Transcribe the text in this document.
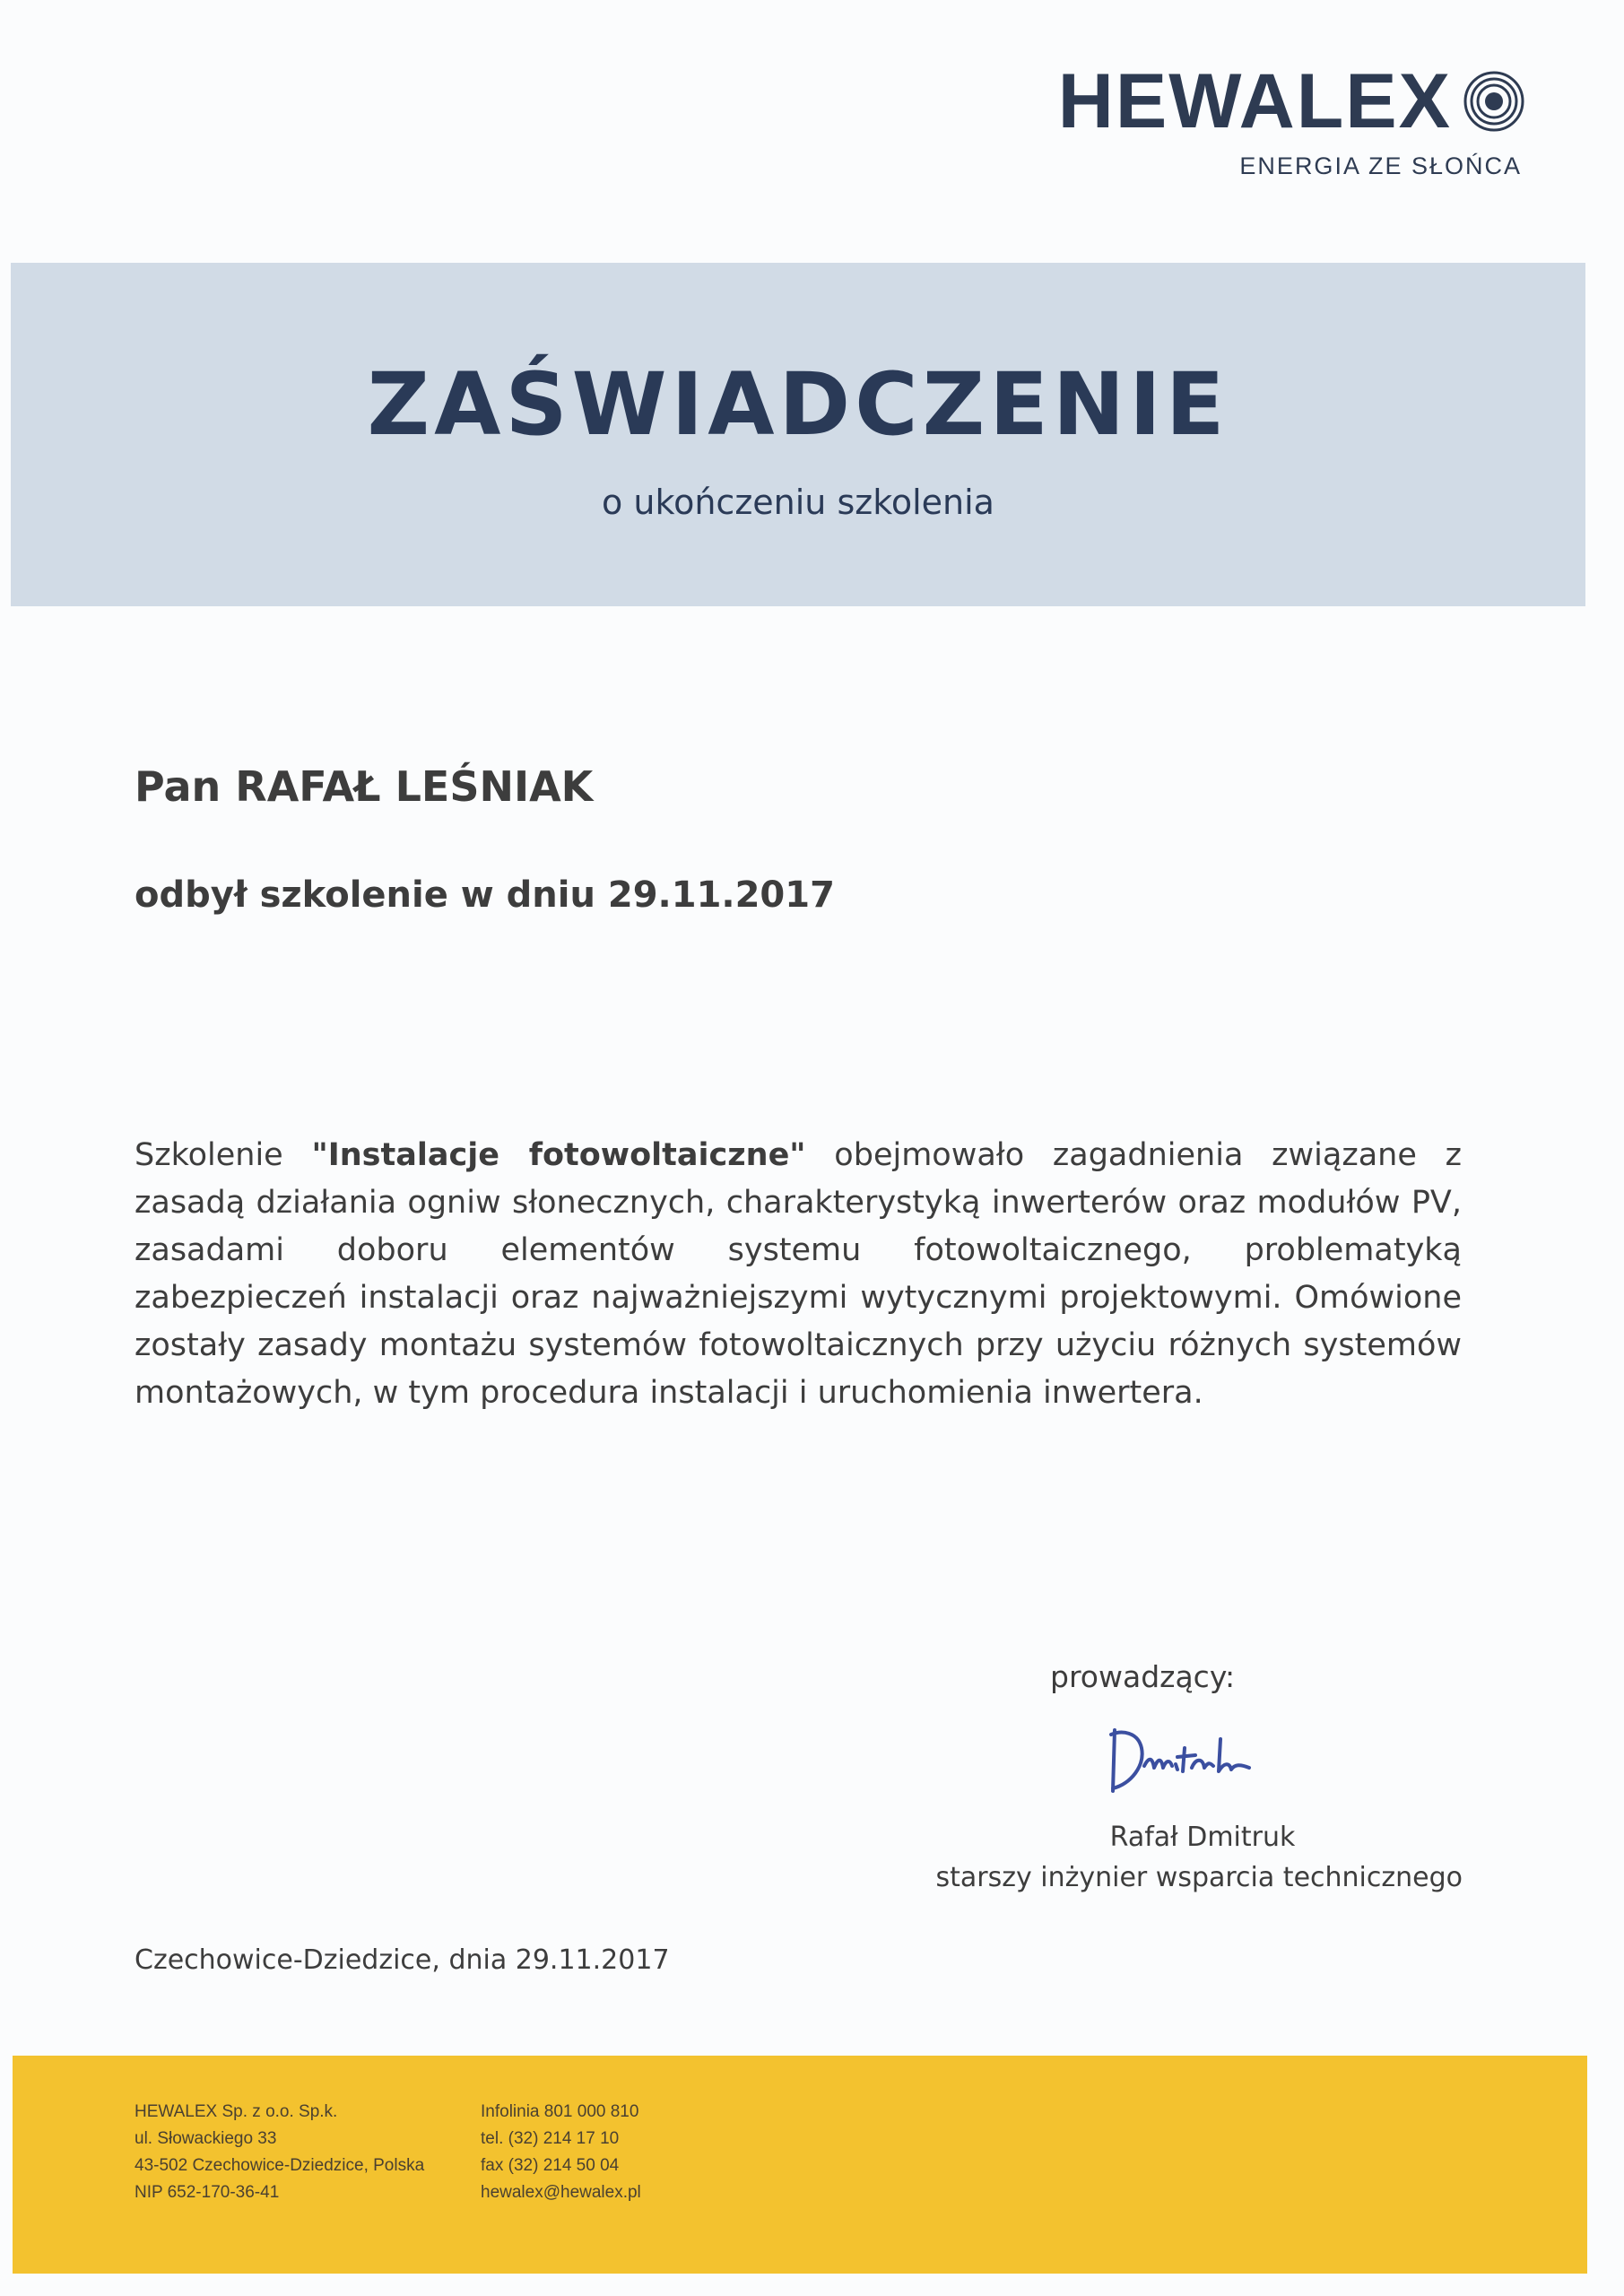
HEWALEX
ENERGIA ZE SŁOŃCA
ZAŚWIADCZENIE
o ukończeniu szkolenia
Pan RAFAŁ LEŚNIAK
odbył szkolenie w dniu 29.11.2017
Szkolenie "Instalacje fotowoltaiczne" obejmowało zagadnienia związane z zasadą działania ogniw słonecznych, charakterystyką inwerterów oraz modułów PV, zasadami doboru elementów systemu fotowoltaicznego, problematyką zabezpieczeń instalacji oraz najważniejszymi wytycznymi projektowymi. Omówione zostały zasady montażu systemów fotowoltaicznych przy użyciu różnych systemów montażowych, w tym procedura instalacji i uruchomienia inwertera.
prowadzący:
Rafał Dmitruk
starszy inżynier wsparcia technicznego
Czechowice-Dziedzice, dnia 29.11.2017
HEWALEX Sp. z o.o. Sp.k.
ul. Słowackiego 33
43-502 Czechowice-Dziedzice, Polska
NIP 652-170-36-41
Infolinia 801 000 810
tel. (32) 214 17 10
fax (32) 214 50 04
hewalex@hewalex.pl
